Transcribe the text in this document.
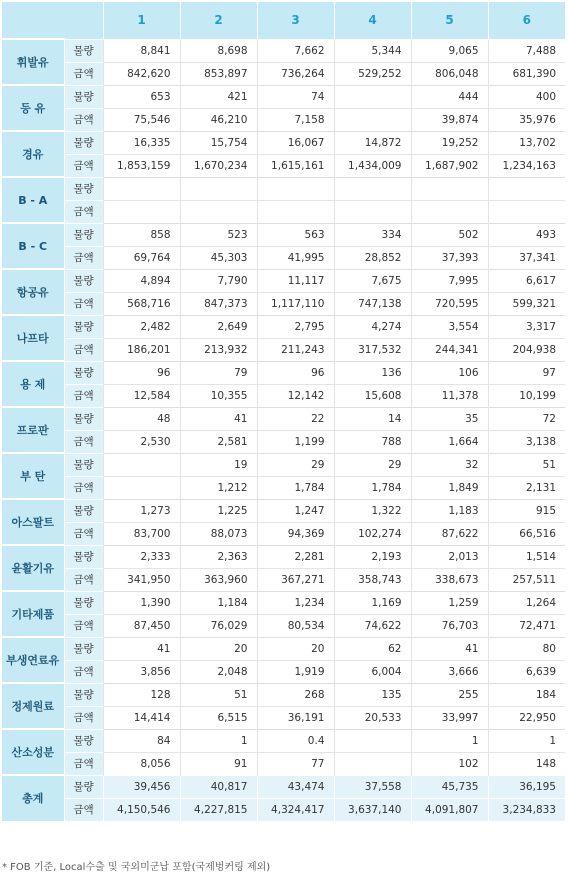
		1	2	3	4	5	6
휘발유	물량	8,841	8,698	7,662	5,344	9,065	7,488
	금액	842,620	853,897	736,264	529,252	806,048	681,390
등 유	물량	653	421	74		444	400
	금액	75,546	46,210	7,158		39,874	35,976
경유	물량	16,335	15,754	16,067	14,872	19,252	13,702
	금액	1,853,159	1,670,234	1,615,161	1,434,009	1,687,902	1,234,163
B - A	물량						
	금액						
B - C	물량	858	523	563	334	502	493
	금액	69,764	45,303	41,995	28,852	37,393	37,341
항공유	물량	4,894	7,790	11,117	7,675	7,995	6,617
	금액	568,716	847,373	1,117,110	747,138	720,595	599,321
나프타	물량	2,482	2,649	2,795	4,274	3,554	3,317
	금액	186,201	213,932	211,243	317,532	244,341	204,938
용 제	물량	96	79	96	136	106	97
	금액	12,584	10,355	12,142	15,608	11,378	10,199
프로판	물량	48	41	22	14	35	72
	금액	2,530	2,581	1,199	788	1,664	3,138
부 탄	물량		19	29	29	32	51
	금액		1,212	1,784	1,784	1,849	2,131
아스팔트	물량	1,273	1,225	1,247	1,322	1,183	915
	금액	83,700	88,073	94,369	102,274	87,622	66,516
윤활기유	물량	2,333	2,363	2,281	2,193	2,013	1,514
	금액	341,950	363,960	367,271	358,743	338,673	257,511
기타제품	물량	1,390	1,184	1,234	1,169	1,259	1,264
	금액	87,450	76,029	80,534	74,622	76,703	72,471
부생연료유	물량	41	20	20	62	41	80
	금액	3,856	2,048	1,919	6,004	3,666	6,639
정제원료	물량	128	51	268	135	255	184
	금액	14,414	6,515	36,191	20,533	33,997	22,950
산소성분	물량	84	1	0.4		1	1
	금액	8,056	91	77		102	148
총계	물량	39,456	40,817	43,474	37,558	45,735	36,195
	금액	4,150,546	4,227,815	4,324,417	3,637,140	4,091,807	3,234,833
* FOB 기준, Local수출 및 국외미군납 포함(국제벙커링 제외)
